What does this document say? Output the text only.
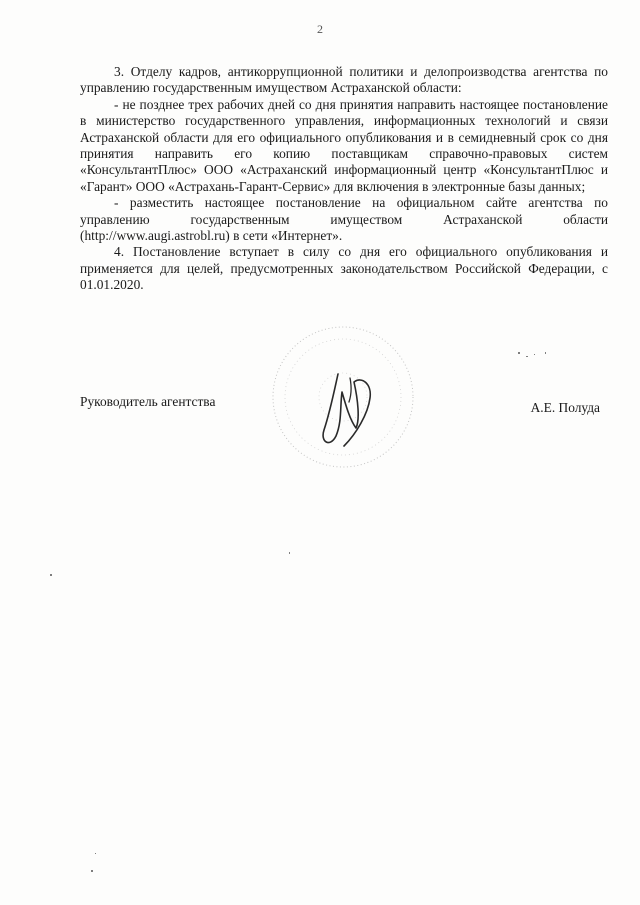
2

3. Отделу кадров, антикоррупционной политики и делопроизводства агентства по управлению государственным имуществом Астраханской области:

- не позднее трех рабочих дней со дня принятия направить настоящее постановление в министерство государственного управления, информационных технологий и связи Астраханской области для его официального опубликования и в семидневный срок со дня принятия направить его копию поставщикам справочно-правовых систем «КонсультантПлюс» ООО «Астраханский информационный центр «КонсультантПлюс и «Гарант» ООО «Астрахань-Гарант-Сервис» для включения в электронные базы данных;

- разместить настоящее постановление на официальном сайте агентства по управлению государственным имуществом Астраханской области (http://www.augi.astrobl.ru) в сети «Интернет».

4. Постановление вступает в силу со дня его официального опубликования и применяется для целей, предусмотренных законодательством Российской Федерации, с 01.01.2020.

Руководитель агентства	А.Е. Полуда
